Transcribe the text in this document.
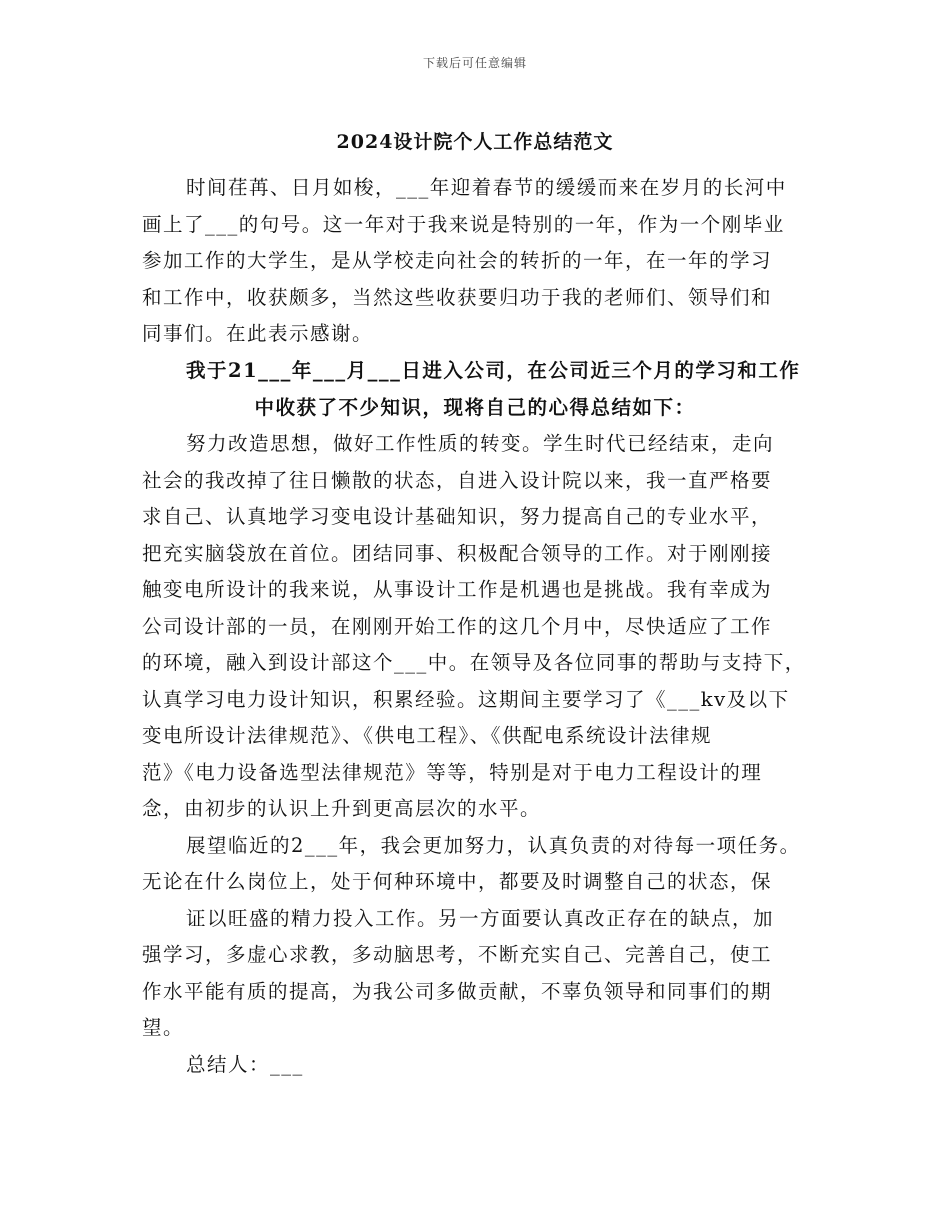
下载后可任意编辑
2024设计院个人工作总结范文
时间荏苒、日月如梭，___年迎着春节的缓缓而来在岁月的长河中
画上了___的句号。这一年对于我来说是特别的一年，作为一个刚毕业
参加工作的大学生，是从学校走向社会的转折的一年，在一年的学习
和工作中，收获颇多，当然这些收获要归功于我的老师们、领导们和
同事们。在此表示感谢。
我于21___年___月___日进入公司，在公司近三个月的学习和工作
中收获了不少知识，现将自己的心得总结如下：
努力改造思想，做好工作性质的转变。学生时代已经结束，走向
社会的我改掉了往日懒散的状态，自进入设计院以来，我一直严格要
求自己、认真地学习变电设计基础知识，努力提高自己的专业水平，
把充实脑袋放在首位。团结同事、积极配合领导的工作。对于刚刚接
触变电所设计的我来说，从事设计工作是机遇也是挑战。我有幸成为
公司设计部的一员，在刚刚开始工作的这几个月中，尽快适应了工作
的环境，融入到设计部这个___中。在领导及各位同事的帮助与支持下，
认真学习电力设计知识，积累经验。这期间主要学习了《___kv及以下
变电所设计法律规范》、《供电工程》、《供配电系统设计法律规
范》《电力设备选型法律规范》等等，特别是对于电力工程设计的理
念，由初步的认识上升到更高层次的水平。
展望临近的2___年，我会更加努力，认真负责的对待每一项任务。
无论在什么岗位上，处于何种环境中，都要及时调整自己的状态，保
证以旺盛的精力投入工作。另一方面要认真改正存在的缺点，加
强学习，多虚心求教，多动脑思考，不断充实自己、完善自己，使工
作水平能有质的提高，为我公司多做贡献，不辜负领导和同事们的期
望。
总结人：___
